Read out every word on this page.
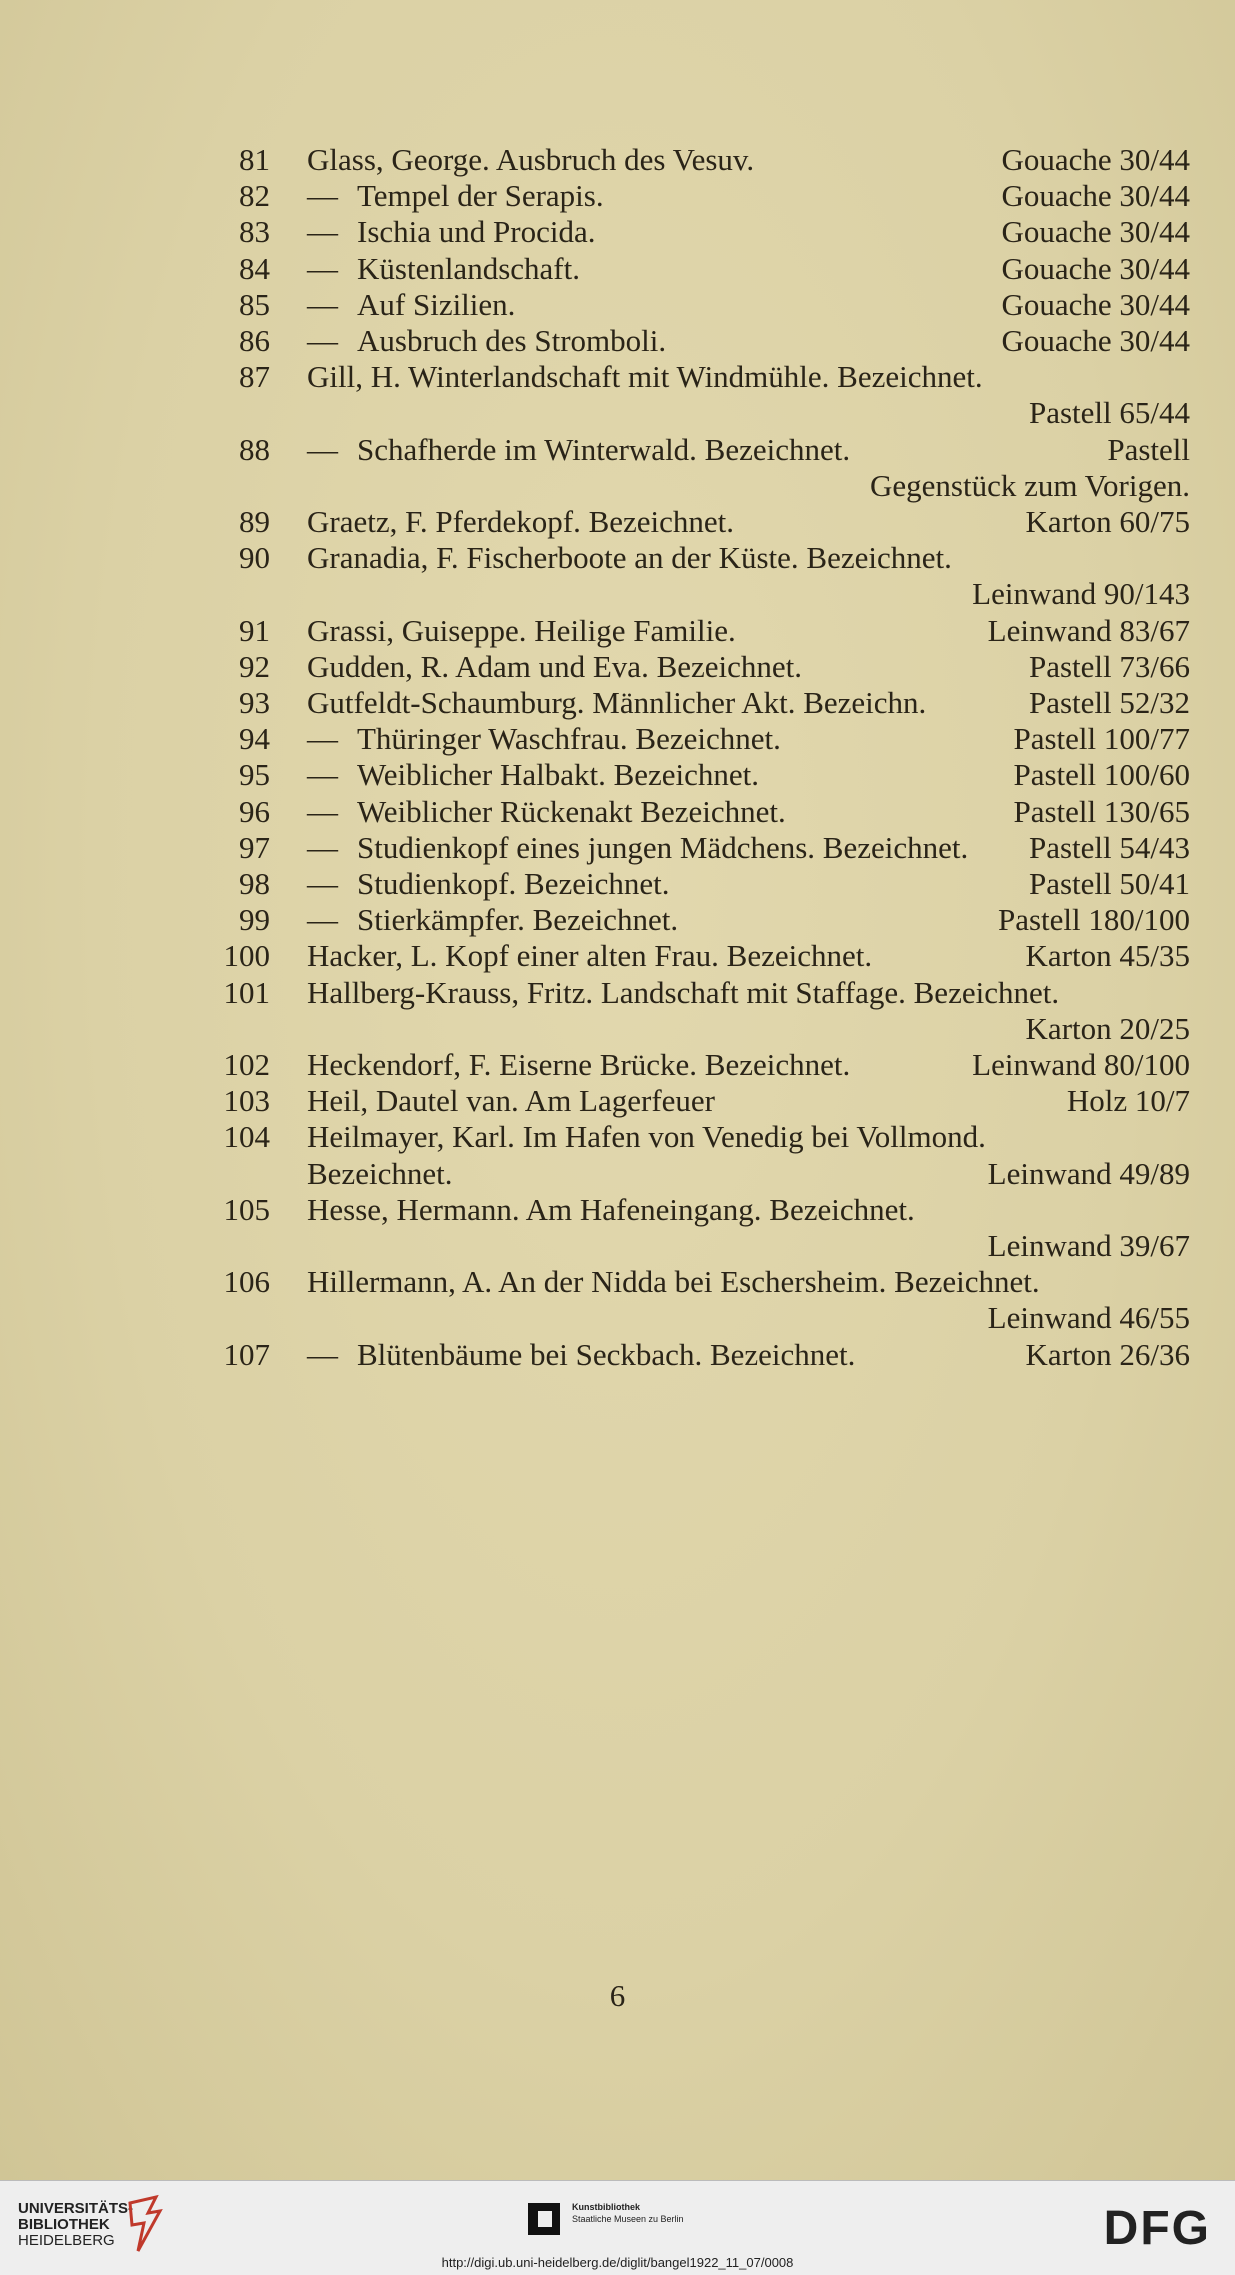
81 Glass, George. Ausbruch des Vesuv.	Gouache 30/44
82 — Tempel der Serapis.	Gouache 30/44
83 — Ischia und Procida.	Gouache 30/44
84 — Küstenlandschaft.	Gouache 30/44
85 — Auf Sizilien.	Gouache 30/44
86 — Ausbruch des Stromboli.	Gouache 30/44
87 Gill, H. Winterlandschaft mit Windmühle. Bezeichnet.
Pastell 65/44
88 — Schafherde im Winterwald. Bezeichnet.	Pastell
Gegenstück zum Vorigen.
89 Graetz, F. Pferdekopf. Bezeichnet.	Karton 60/75
90 Granadia, F. Fischerboote an der Küste. Bezeichnet.
Leinwand 90/143
91 Grassi, Guiseppe. Heilige Familie.	Leinwand 83/67
92 Gudden, R. Adam und Eva. Bezeichnet.	Pastell 73/66
93 Gutfeldt-Schaumburg. Männlicher Akt. Bezeichn.	Pastell 52/32
94 — Thüringer Waschfrau. Bezeichnet.	Pastell 100/77
95 — Weiblicher Halbakt. Bezeichnet.	Pastell 100/60
96 — Weiblicher Rückenakt Bezeichnet.	Pastell 130/65
97 — Studienkopf eines jungen Mädchens. Bezeichnet. Pastell 54/43
98 — Studienkopf. Bezeichnet.	Pastell 50/41
99 — Stierkämpfer. Bezeichnet.	Pastell 180/100
100 Hacker, L. Kopf einer alten Frau. Bezeichnet.	Karton 45/35
101 Hallberg-Krauss, Fritz. Landschaft mit Staffage. Bezeichnet.
Karton 20/25
102 Heckendorf, F. Eiserne Brücke. Bezeichnet.	Leinwand 80/100
103 Heil, Dautel van. Am Lagerfeuer	Holz 10/7
104 Heilmayer, Karl. Im Hafen von Venedig bei Vollmond.
Bezeichnet.	Leinwand 49/89
105 Hesse, Hermann. Am Hafeneingang. Bezeichnet.
Leinwand 39/67
106 Hillermann, A. An der Nidda bei Eschersheim. Bezeichnet.
Leinwand 46/55
107 — Blütenbäume bei Seckbach. Bezeichnet.	Karton 26/36
6
UNIVERSITÄTS-
BIBLIOTHEK
HEIDELBERG
Kunstbibliothek
Staatliche Museen zu Berlin	DFG
http://digi.ub.uni-heidelberg.de/diglit/bangel1922_11_07/0008
